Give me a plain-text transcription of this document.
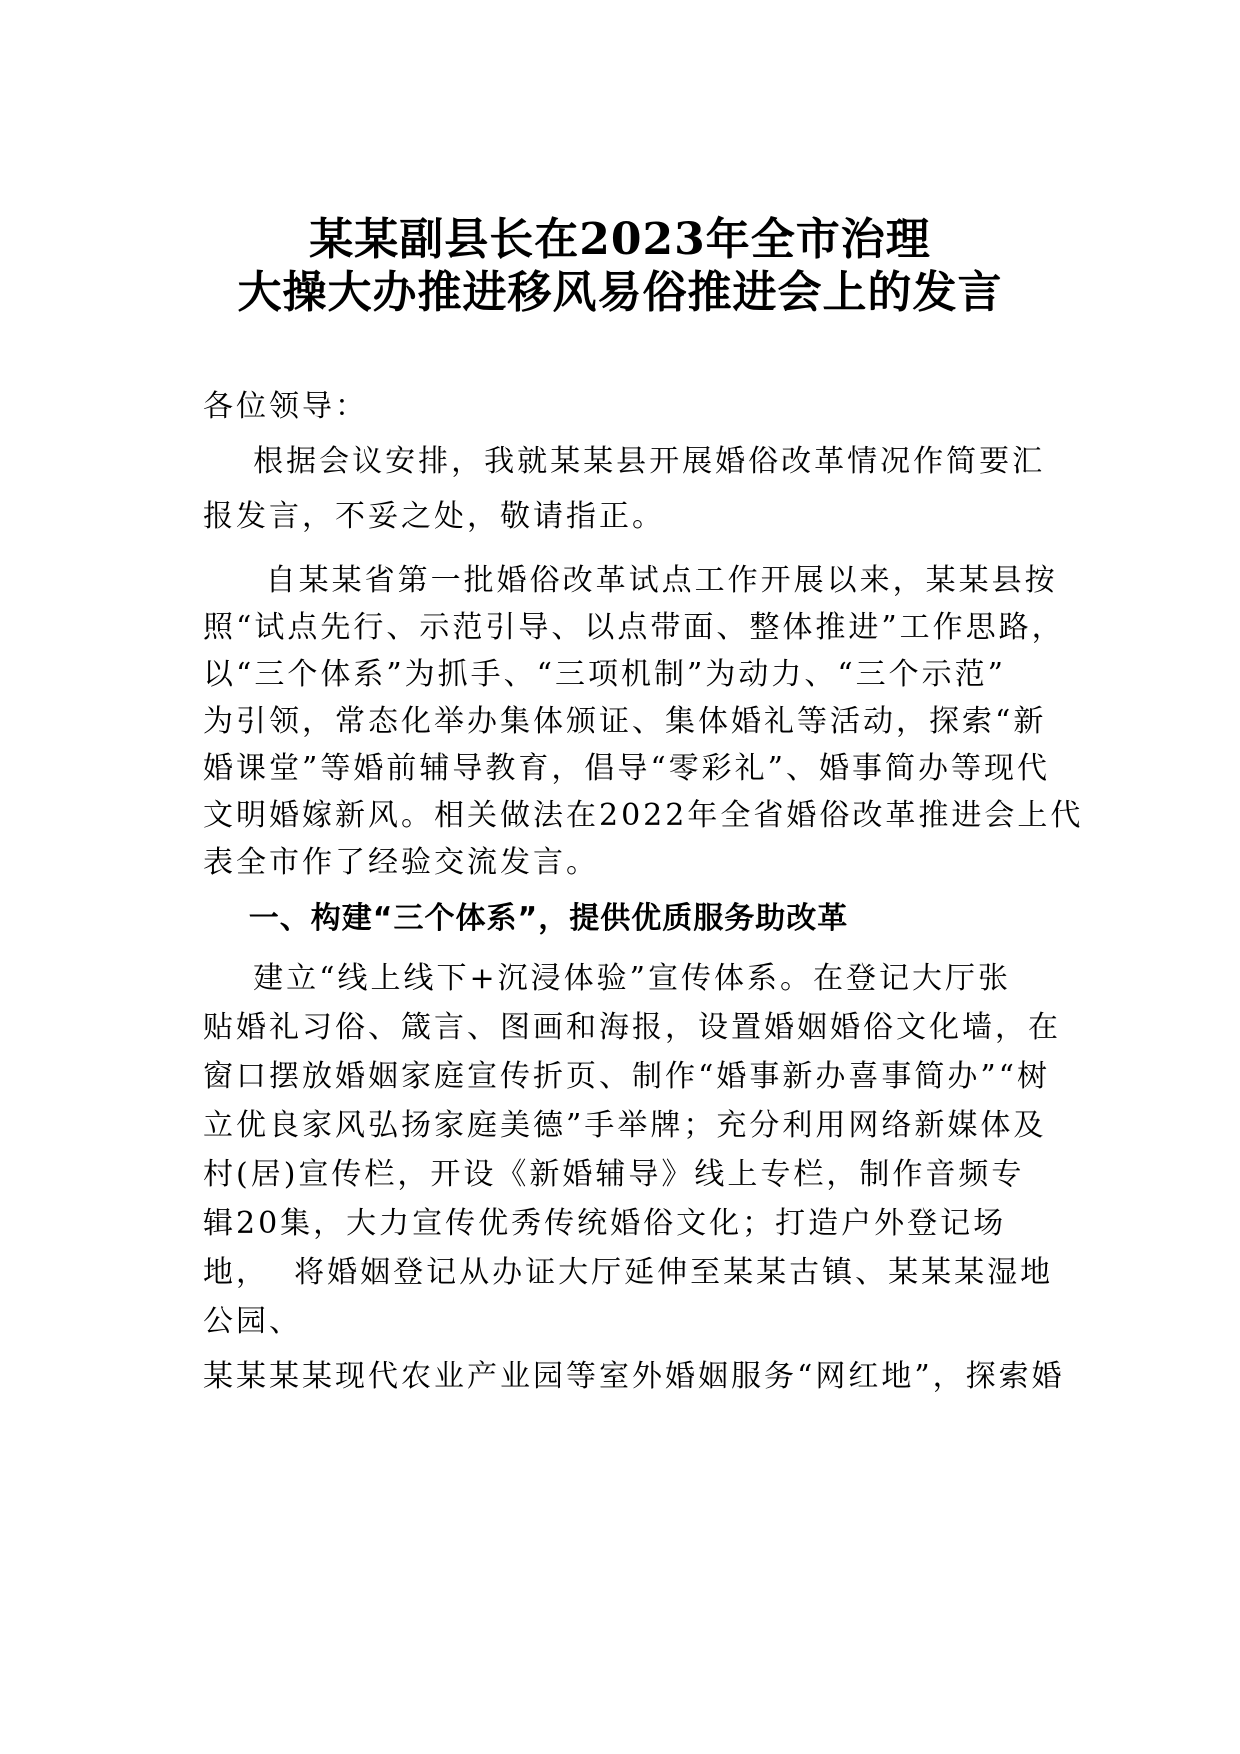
某某副县长在2023年全市治理
大操大办推进移风易俗推进会上的发言
各位领导：
根据会议安排，我就某某县开展婚俗改革情况作简要汇
报发言，不妥之处，敬请指正。
自某某省第一批婚俗改革试点工作开展以来，某某县按
照“试点先行、示范引导、以点带面、整体推进”工作思路，
以“三个体系”为抓手、“三项机制”为动力、“三个示范”
为引领，常态化举办集体颁证、集体婚礼等活动，探索“新
婚课堂”等婚前辅导教育，倡导“零彩礼”、婚事简办等现代
文明婚嫁新风。相关做法在2022年全省婚俗改革推进会上代
表全市作了经验交流发言。
一、构建“三个体系”，提供优质服务助改革
建立“线上线下+沉浸体验”宣传体系。在登记大厅张
贴婚礼习俗、箴言、图画和海报，设置婚姻婚俗文化墙，在
窗口摆放婚姻家庭宣传折页、制作“婚事新办喜事简办”“树
立优良家风弘扬家庭美德”手举牌；充分利用网络新媒体及
村(居)宣传栏，开设《新婚辅导》线上专栏，制作音频专
辑20集，大力宣传优秀传统婚俗文化；打造户外登记场
地，  将婚姻登记从办证大厅延伸至某某古镇、某某某湿地
公园、
某某某某现代农业产业园等室外婚姻服务“网红地”，探索婚
